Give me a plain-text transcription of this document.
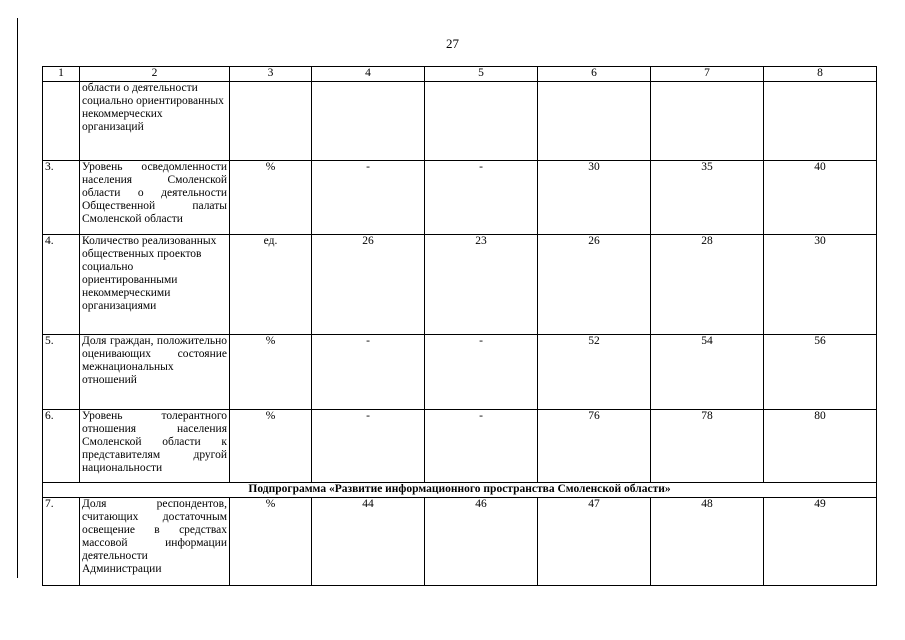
27
1	2	3	4	5	6	7	8
	области о деятельности социально ориентированных некоммерческих организаций						
3.	Уровень осведомленности населения Смоленской области о деятельности Общественной палаты Смоленской области	%	-	-	30	35	40
4.	Количество реализованных общественных проектов социально ориентированными некоммерческими организациями	ед.	26	23	26	28	30
5.	Доля граждан, положительно оценивающих состояние межнациональных отношений	%	-	-	52	54	56
6.	Уровень толерантного отношения населения Смоленской области к представителям другой национальности	%	-	-	76	78	80
Подпрограмма «Развитие информационного пространства Смоленской области»							
7.	Доля респондентов, считающих достаточным освещение в средствах массовой информации деятельности Администрации	%	44	46	47	48	49
